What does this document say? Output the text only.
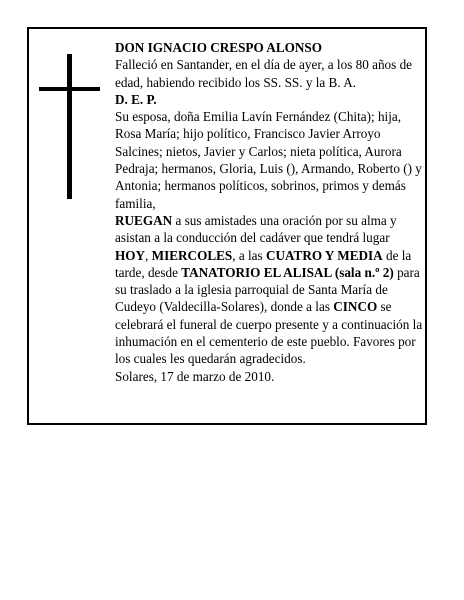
DON IGNACIO CRESPO ALONSO

Falleció en Santander, en el día de ayer, a los 80 años de edad, habiendo recibido los SS. SS. y la B. A.

D. E. P.

Su esposa, doña Emilia Lavín Fernández (Chita); hija, Rosa María; hijo político, Francisco Javier Arroyo Salcines; nietos, Javier y Carlos; nieta política, Aurora Pedraja; hermanos, Gloria, Luis (), Armando, Roberto () y Antonia; hermanos políticos, sobrinos, primos y demás familia,

RUEGAN a sus amistades una oración por su alma y asistan a la conducción del cadáver que tendrá lugar HOY, MIERCOLES, a las CUATRO Y MEDIA de la tarde, desde TANATORIO EL ALISAL (sala n.º 2) para su traslado a la iglesia parroquial de Santa María de Cudeyo (Valdecilla-Solares), donde a las CINCO se celebrará el funeral de cuerpo presente y a continuación la inhumación en el cementerio de este pueblo. Favores por los cuales les quedarán agradecidos.

Solares, 17 de marzo de 2010.
